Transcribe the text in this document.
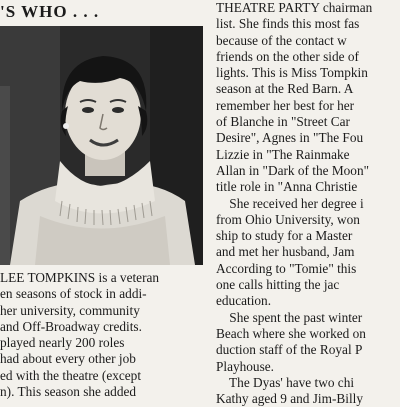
'S WHO . . .

LEE TOMPKINS is a veteran

en seasons of stock in addi-

her university, community

and Off-Broadway credits.

played nearly 200 roles

had about every other job

ed with the theatre (except

n). This season she added

THEATRE PARTY chairman

list. She finds this most fas

because of the contact w

friends on the other side of

lights. This is Miss Tompkin

season at the Red Barn. A

remember her best for her

of Blanche in "Street Car

Desire", Agnes in "The Fou

Lizzie in "The Rainmake

Allan in "Dark of the Moon"

title role in "Anna Christie

She received her degree i

from Ohio University, won

ship to study for a Master

and met her husband, Jam

According to "Tomie" this

one calls hitting the jac

education.

She spent the past winter

Beach where she worked on

duction staff of the Royal P

Playhouse.

The Dyas' have two chi

Kathy aged 9 and Jim-Billy
